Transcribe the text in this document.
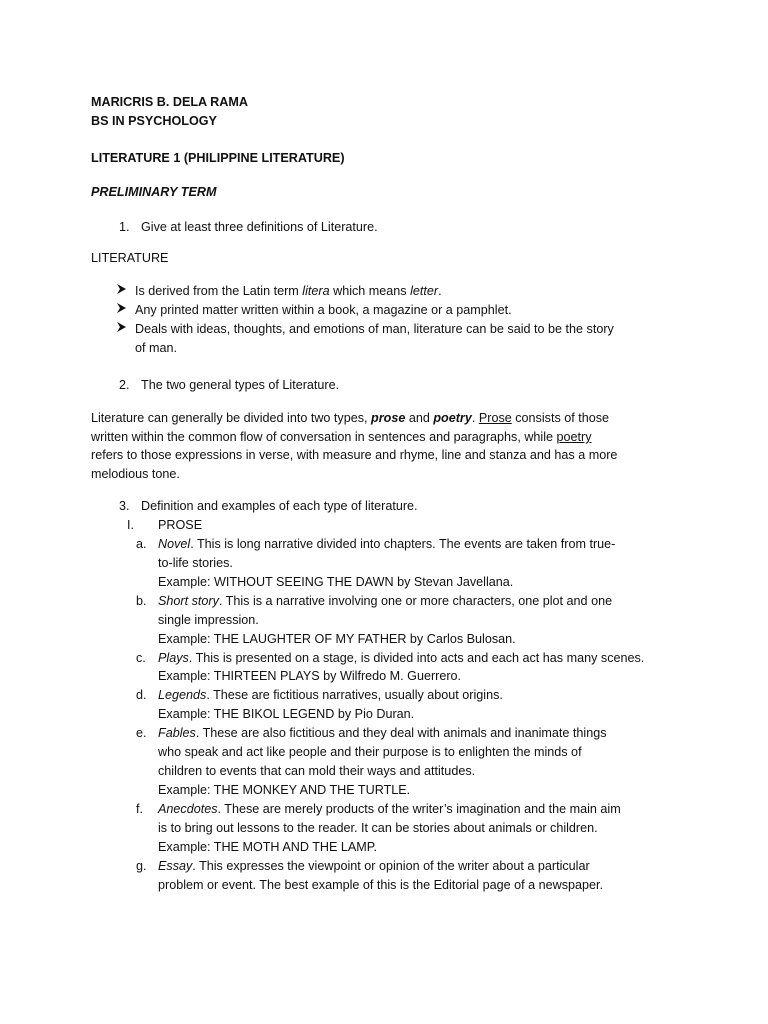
MARICRIS B. DELA RAMA

BS IN PSYCHOLOGY

LITERATURE 1 (PHILIPPINE LITERATURE)

PRELIMINARY TERM

1. Give at least three definitions of Literature.

LITERATURE

Is derived from the Latin term litera which means letter.

Any printed matter written within a book, a magazine or a pamphlet.

Deals with ideas, thoughts, and emotions of man, literature can be said to be the story

of man.

2. The two general types of Literature.

Literature can generally be divided into two types, prose and poetry. Prose consists of those

written within the common flow of conversation in sentences and paragraphs, while poetry

refers to those expressions in verse, with measure and rhyme, line and stanza and has a more

melodious tone.

3. Definition and examples of each type of literature.

I. PROSE

a. Novel. This is long narrative divided into chapters. The events are taken from true-

to-life stories.

Example: WITHOUT SEEING THE DAWN by Stevan Javellana.

b. Short story. This is a narrative involving one or more characters, one plot and one

single impression.

Example: THE LAUGHTER OF MY FATHER by Carlos Bulosan.

c. Plays. This is presented on a stage, is divided into acts and each act has many scenes.

Example: THIRTEEN PLAYS by Wilfredo M. Guerrero.

d. Legends. These are fictitious narratives, usually about origins.

Example: THE BIKOL LEGEND by Pio Duran.

e. Fables. These are also fictitious and they deal with animals and inanimate things

who speak and act like people and their purpose is to enlighten the minds of

children to events that can mold their ways and attitudes.

Example: THE MONKEY AND THE TURTLE.

f. Anecdotes. These are merely products of the writer’s imagination and the main aim

is to bring out lessons to the reader. It can be stories about animals or children.

Example: THE MOTH AND THE LAMP.

g. Essay. This expresses the viewpoint or opinion of the writer about a particular

problem or event. The best example of this is the Editorial page of a newspaper.
